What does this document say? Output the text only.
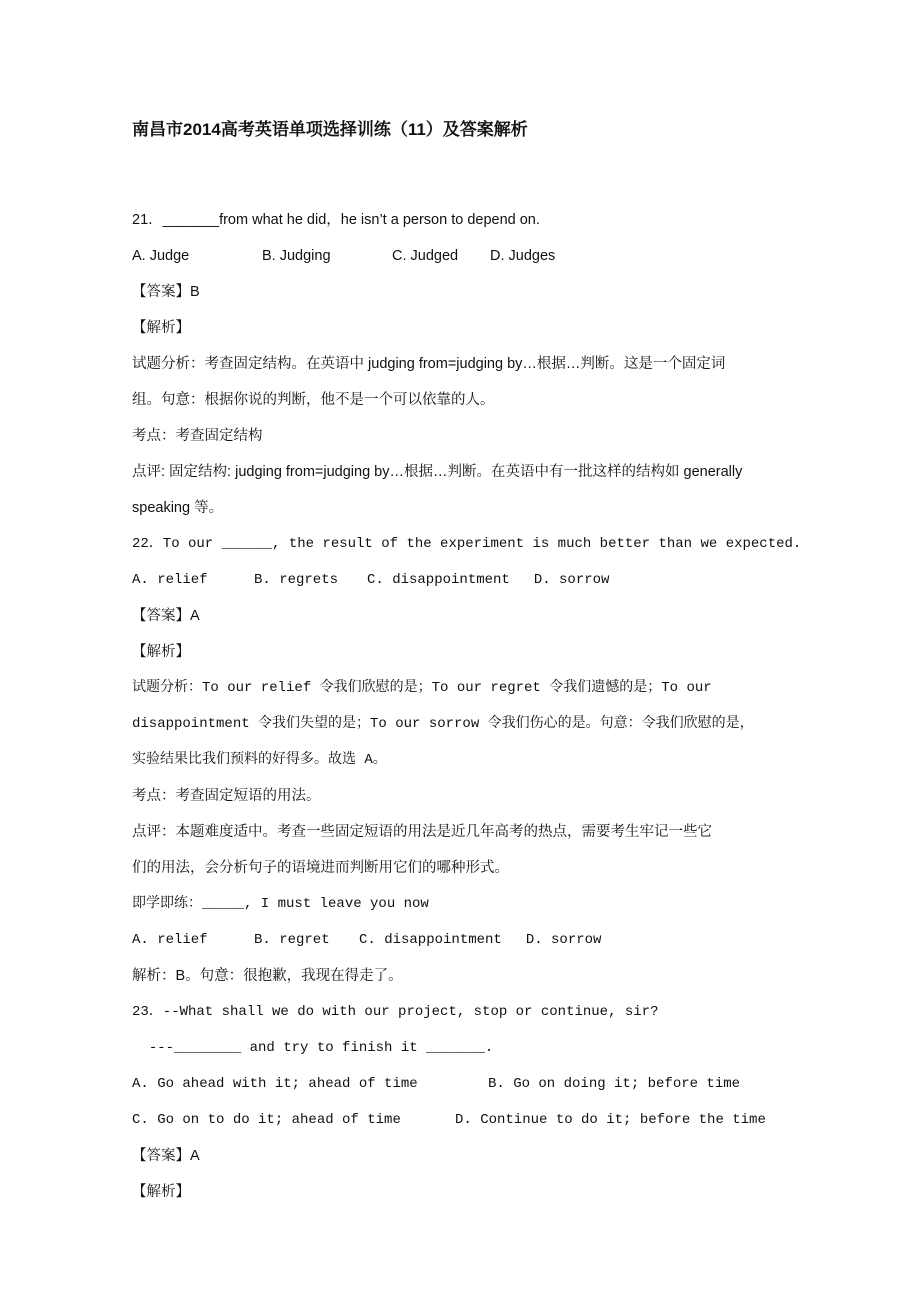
南昌市2014高考英语单项选择训练（11）及答案解析
21．_______from what he did，he isn’t a person to depend on.
A. Judge	B. Judging	C. Judged	D. Judges
【答案】B
【解析】
试题分析：考查固定结构。在英语中 judging from=judging by…根据…判断。这是一个固定词
组。句意：根据你说的判断，他不是一个可以依靠的人。
考点：考查固定结构
点评: 固定结构: judging from=judging by…根据…判断。在英语中有一批这样的结构如 generally
speaking 等。
22．To our ______, the result of the experiment is much better than we expected.
A. relief	B. regrets	C. disappointment D. sorrow
【答案】A
【解析】
试题分析：To our relief 令我们欣慰的是；To our regret 令我们遗憾的是；To our
disappointment 令我们失望的是；To our sorrow 令我们伤心的是。句意：令我们欣慰的是，
实验结果比我们预料的好得多。故选 A。
考点：考查固定短语的用法。
点评：本题难度适中。考查一些固定短语的用法是近几年高考的热点，需要考生牢记一些它
们的用法，会分析句子的语境进而判断用它们的哪种形式。
即学即练：_____, I must leave you now
A. relief	B. regret	C. disappointment D. sorrow
解析：B。句意：很抱歉，我现在得走了。
23．--What shall we do with our project, stop or continue, sir?
---________ and try to finish it _______.
A. Go ahead with it; ahead of time	B. Go on doing it; before time
C. Go on to do it; ahead of time	D. Continue to do it; before the time
【答案】A
【解析】
